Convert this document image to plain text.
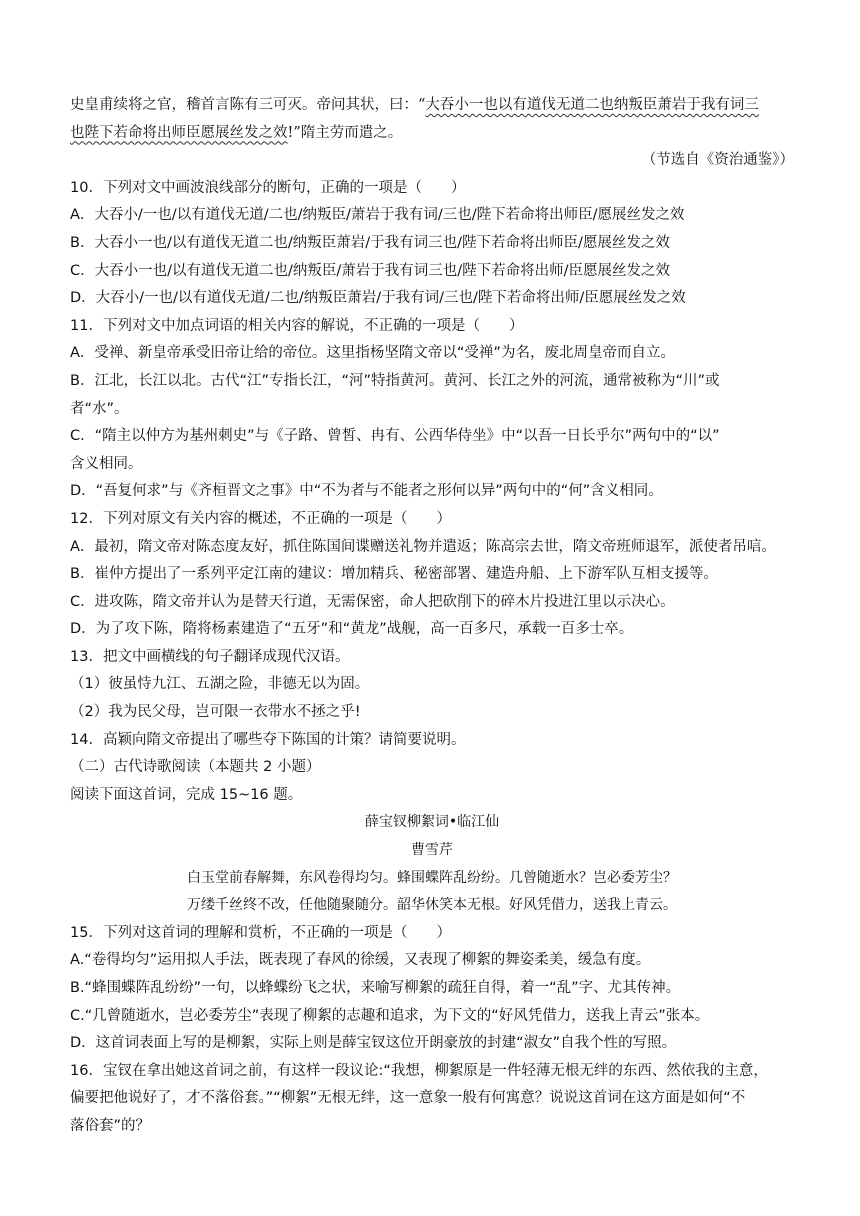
史皇甫续将之官，稽首言陈有三可灭。帝问其状，曰：“大吞小一也以有道伐无道二也纳叛臣萧岩于我有词三
也陛下若命将出师臣愿展丝发之效!”隋主劳而遣之。
（节选自《资治通鉴》）
10．下列对文中画波浪线部分的断句，正确的一项是（　　）
A．大吞小/一也/以有道伐无道/二也/纳叛臣/萧岩于我有词/三也/陛下若命将出师臣/愿展丝发之效
B．大吞小一也/以有道伐无道二也/纳叛臣萧岩/于我有词三也/陛下若命将出师臣/愿展丝发之效
C．大吞小一也/以有道伐无道二也/纳叛臣/萧岩于我有词三也/陛下若命将出师/臣愿展丝发之效
D．大吞小/一也/以有道伐无道/二也/纳叛臣萧岩/于我有词/三也/陛下若命将出师/臣愿展丝发之效
11．下列对文中加点词语的相关内容的解说，不正确的一项是（　　）
A．受禅、新皇帝承受旧帝让给的帝位。这里指杨坚隋文帝以“受禅”为名，废北周皇帝而自立。
B．江北，长江以北。古代“江”专指长江，“河”特指黄河。黄河、长江之外的河流，通常被称为“川”或
者“水”。
C．“隋主以仲方为基州刺史”与《子路、曾皙、冉有、公西华侍坐》中“以吾一日长乎尔”两句中的“以”
含义相同。
D．“吾复何求”与《齐桓晋文之事》中“不为者与不能者之形何以异”两句中的“何”含义相同。
12．下列对原文有关内容的概述，不正确的一项是（　　）
A．最初，隋文帝对陈态度友好，抓住陈国间谍赠送礼物并遣返；陈高宗去世，隋文帝班师退军，派使者吊唁。
B．崔仲方提出了一系列平定江南的建议：增加精兵、秘密部署、建造舟船、上下游军队互相支援等。
C．进攻陈，隋文帝并认为是替天行道，无需保密，命人把砍削下的碎木片投进江里以示决心。
D．为了攻下陈，隋将杨素建造了“五牙”和“黄龙”战舰，高一百多尺，承载一百多士卒。
13．把文中画横线的句子翻译成现代汉语。
（1）彼虽恃九江、五湖之险，非德无以为固。
（2）我为民父母，岂可限一衣带水不拯之乎!
14．高颖向隋文帝提出了哪些夺下陈国的计策？请简要说明。
（二）古代诗歌阅读（本题共 2 小题）
阅读下面这首词，完成 15~16 题。
薛宝钗柳絮词•临江仙
曹雪芹
白玉堂前春解舞，东风卷得均匀。蜂围蝶阵乱纷纷。几曾随逝水？岂必委芳尘？
万缕千丝终不改，任他随聚随分。韶华休笑本无根。好风凭借力，送我上青云。
15．下列对这首词的理解和赏析，不正确的一项是（　　）
A.“卷得均匀”运用拟人手法，既表现了春风的徐缓，又表现了柳絮的舞姿柔美，缓急有度。
B.“蜂围蝶阵乱纷纷”一句，以蜂蝶纷飞之状，来喻写柳絮的疏狂自得，着一“乱”字、尤其传神。
C.“几曾随逝水，岂必委芳尘”表现了柳絮的志趣和追求，为下文的“好风凭借力，送我上青云”张本。
D．这首词表面上写的是柳絮，实际上则是薛宝钗这位开朗豪放的封建“淑女”自我个性的写照。
16．宝钗在拿出她这首词之前，有这样一段议论:“我想，柳絮原是一件轻薄无根无绊的东西、然依我的主意，
偏要把他说好了，才不落俗套。”“柳絮”无根无绊，这一意象一般有何寓意？说说这首词在这方面是如何“不
落俗套”的？
